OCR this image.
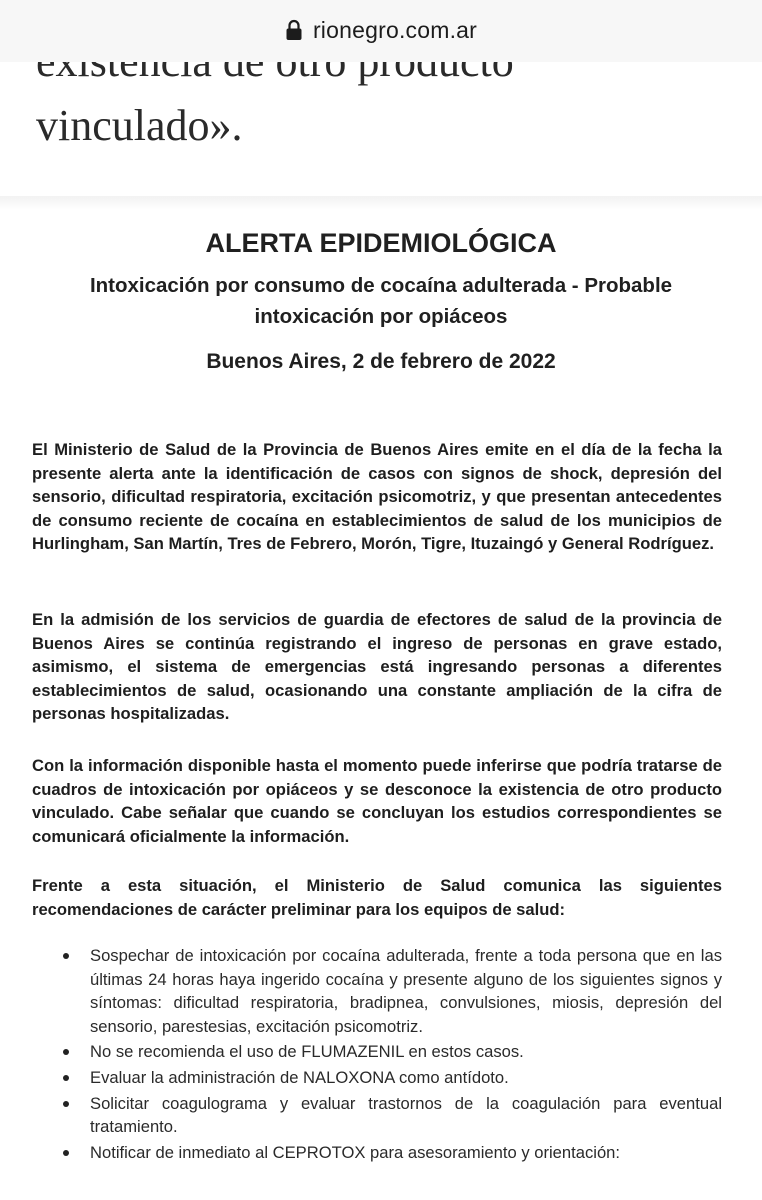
rionegro.com.ar
vinculado».
ALERTA EPIDEMIOLÓGICA
Intoxicación por consumo de cocaína adulterada - Probable intoxicación por opiáceos
Buenos Aires, 2 de febrero de 2022
El Ministerio de Salud de la Provincia de Buenos Aires emite en el día de la fecha la presente alerta ante la identificación de casos con signos de shock, depresión del sensorio, dificultad respiratoria, excitación psicomotriz, y que presentan antecedentes de consumo reciente de cocaína en establecimientos de salud de los municipios de Hurlingham, San Martín, Tres de Febrero, Morón, Tigre, Ituzaingó y General Rodríguez.
En la admisión de los servicios de guardia de efectores de salud de la provincia de Buenos Aires se continúa registrando el ingreso de personas en grave estado, asimismo, el sistema de emergencias está ingresando personas a diferentes establecimientos de salud, ocasionando una constante ampliación de la cifra de personas hospitalizadas.
Con la información disponible hasta el momento puede inferirse que podría tratarse de cuadros de intoxicación por opiáceos y se desconoce la existencia de otro producto vinculado. Cabe señalar que cuando se concluyan los estudios correspondientes se comunicará oficialmente la información.
Frente a esta situación, el Ministerio de Salud comunica las siguientes recomendaciones de carácter preliminar para los equipos de salud:
Sospechar de intoxicación por cocaína adulterada, frente a toda persona que en las últimas 24 horas haya ingerido cocaína y presente alguno de los siguientes signos y síntomas: dificultad respiratoria, bradipnea, convulsiones, miosis, depresión del sensorio, parestesias, excitación psicomotriz.
No se recomienda el uso de FLUMAZENIL en estos casos.
Evaluar la administración de NALOXONA como antídoto.
Solicitar coagulograma y evaluar trastornos de la coagulación para eventual tratamiento.
Notificar de inmediato al CEPROTOX para asesoramiento y orientación:
